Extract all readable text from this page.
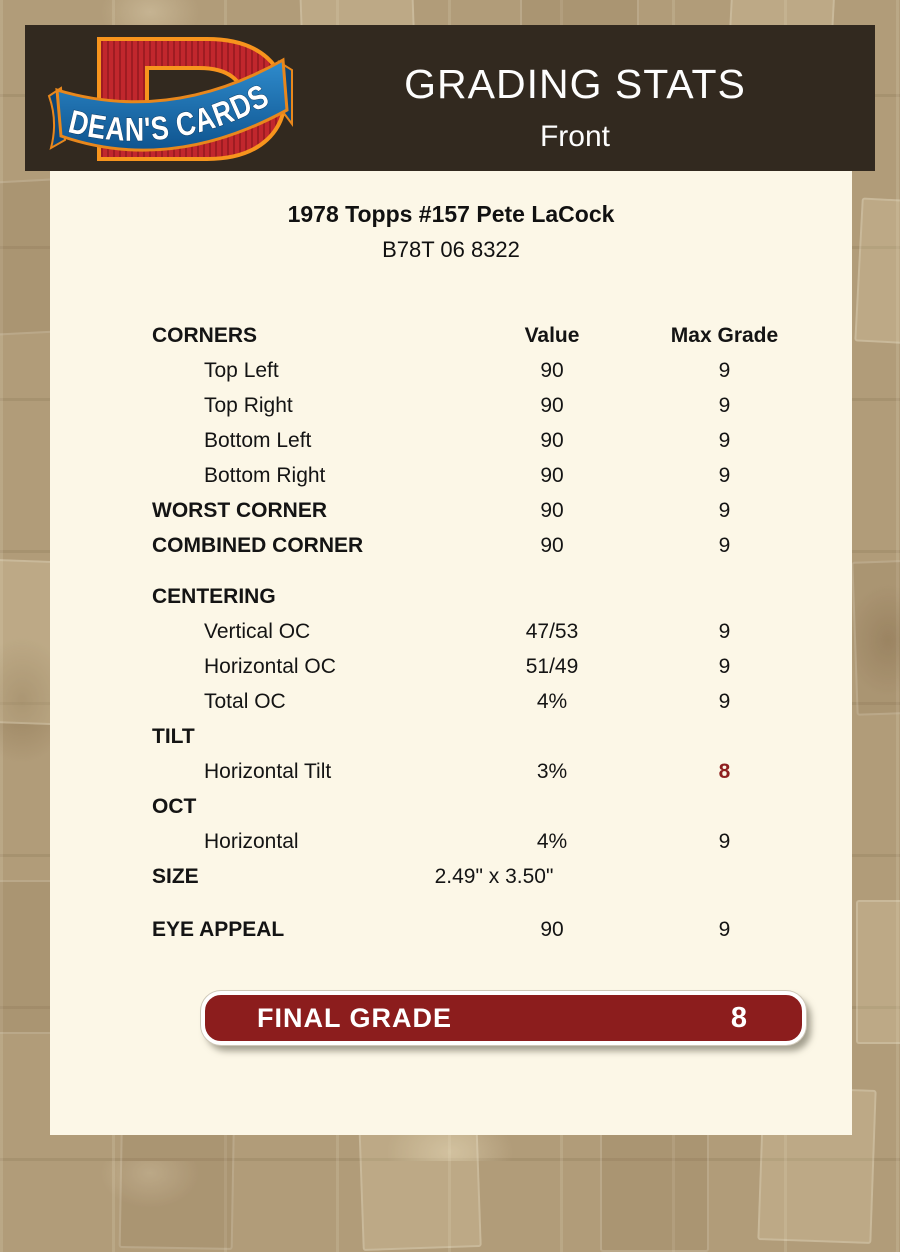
DEAN'S CARDS	GRADING STATS
Front
1978 Topps #157 Pete LaCock
B78T 06 8322
CORNERS	Value	Max Grade
Top Left	90	9
Top Right	90	9
Bottom Left	90	9
Bottom Right	90	9
WORST CORNER	90	9
COMBINED CORNER	90	9
CENTERING
Vertical OC	47/53	9
Horizontal OC	51/49	9
Total OC	4%	9
TILT
Horizontal Tilt	3%	8
OCT
Horizontal	4%	9
SIZE	2.49" x 3.50"
EYE APPEAL	90	9
FINAL GRADE	8
